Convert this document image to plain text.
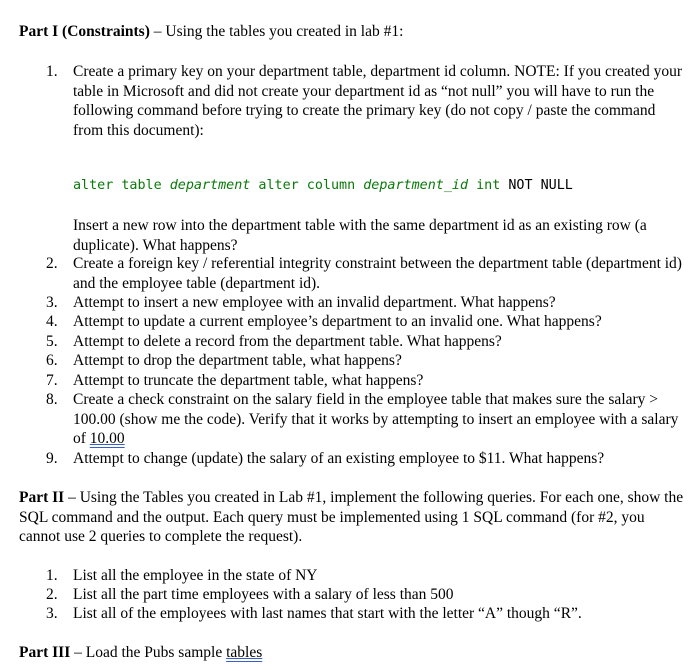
Part I (Constraints) – Using the tables you created in lab #1:

1. Create a primary key on your department table, department id column. NOTE: If you created your table in Microsoft and did not create your department id as “not null” you will have to run the following command before trying to create the primary key (do not copy / paste the command from this document):
alter table department alter column department_id int NOT NULL
Insert a new row into the department table with the same department id as an existing row (a duplicate). What happens?
2. Create a foreign key / referential integrity constraint between the department table (department id) and the employee table (department id).
3. Attempt to insert a new employee with an invalid department. What happens?
4. Attempt to update a current employee’s department to an invalid one. What happens?
5. Attempt to delete a record from the department table. What happens?
6. Attempt to drop the department table, what happens?
7. Attempt to truncate the department table, what happens?
8. Create a check constraint on the salary field in the employee table that makes sure the salary > 100.00 (show me the code). Verify that it works by attempting to insert an employee with a salary of 10.00
9. Attempt to change (update) the salary of an existing employee to $11. What happens?

Part II – Using the Tables you created in Lab #1, implement the following queries. For each one, show the SQL command and the output. Each query must be implemented using 1 SQL command (for #2, you cannot use 2 queries to complete the request).

1. List all the employee in the state of NY
2. List all the part time employees with a salary of less than 500
3. List all of the employees with last names that start with the letter “A” though “R”.

Part III – Load the Pubs sample tables
